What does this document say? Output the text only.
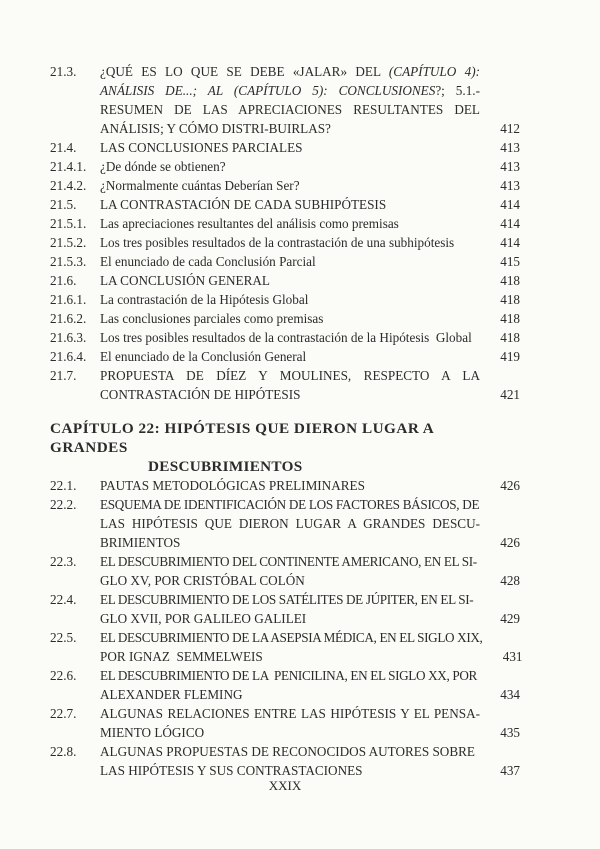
21.3.	¿QUÉ ES LO QUE SE DEBE «JALAR» DEL (CAPÍTULO 4): ANÁLISIS DE...; AL (CAPÍTULO 5): CONCLUSIONES?; 5.1.- RESUMEN DE LAS APRECIACIONES RESULTANTES DEL ANÁLISIS; Y CÓMO DISTRI-BUIRLAS?	412
21.4.	LAS CONCLUSIONES PARCIALES	413
21.4.1.	¿De dónde se obtienen?	413
21.4.2.	¿Normalmente cuántas Deberían Ser?	413
21.5.	LA CONTRASTACIÓN DE CADA SUBHIPÓTESIS	414
21.5.1.	Las apreciaciones resultantes del análisis como premisas	414
21.5.2.	Los tres posibles resultados de la contrastación de una subhipótesis	414
21.5.3.	El enunciado de cada Conclusión Parcial	415
21.6.	LA CONCLUSIÓN GENERAL	418
21.6.1.	La contrastación de la Hipótesis Global	418
21.6.2.	Las conclusiones parciales como premisas	418
21.6.3.	Los tres posibles resultados de la contrastación de la Hipótesis  Global	418
21.6.4.	El enunciado de la Conclusión General	419
21.7.	PROPUESTA DE DÍEZ Y MOULINES, RESPECTO A LA
CONTRASTACIÓN DE HIPÓTESIS	421
CAPÍTULO 22: HIPÓTESIS QUE DIERON LUGAR A GRANDES
DESCUBRIMIENTOS
22.1.	PAUTAS METODOLÓGICAS PRELIMINARES	426
22.2.	ESQUEMA DE IDENTIFICACIÓN DE LOS FACTORES BÁSICOS, DE
LAS HIPÓTESIS QUE DIERON LUGAR A GRANDES DESCU-
BRIMIENTOS	426
22.3.	EL DESCUBRIMIENTO DEL CONTINENTE AMERICANO, EN EL SI-
GLO XV, POR CRISTÓBAL COLÓN	428
22.4.	EL DESCUBRIMIENTO DE LOS SATÉLITES DE JÚPITER, EN EL SI-
GLO XVII, POR GALILEO GALILEI	429
22.5.	EL DESCUBRIMIENTO DE LA ASEPSIA MÉDICA, EN EL SIGLO XIX,
POR IGNAZ  SEMMELWEIS	431
22.6.	EL DESCUBRIMIENTO DE LA  PENICILINA, EN EL SIGLO XX, POR
ALEXANDER FLEMING	434
22.7.	ALGUNAS RELACIONES ENTRE LAS HIPÓTESIS Y EL PENSA-
MIENTO LÓGICO	435
22.8.	ALGUNAS PROPUESTAS DE RECONOCIDOS AUTORES SOBRE
LAS HIPÓTESIS Y SUS CONTRASTACIONES	437
XXIX
